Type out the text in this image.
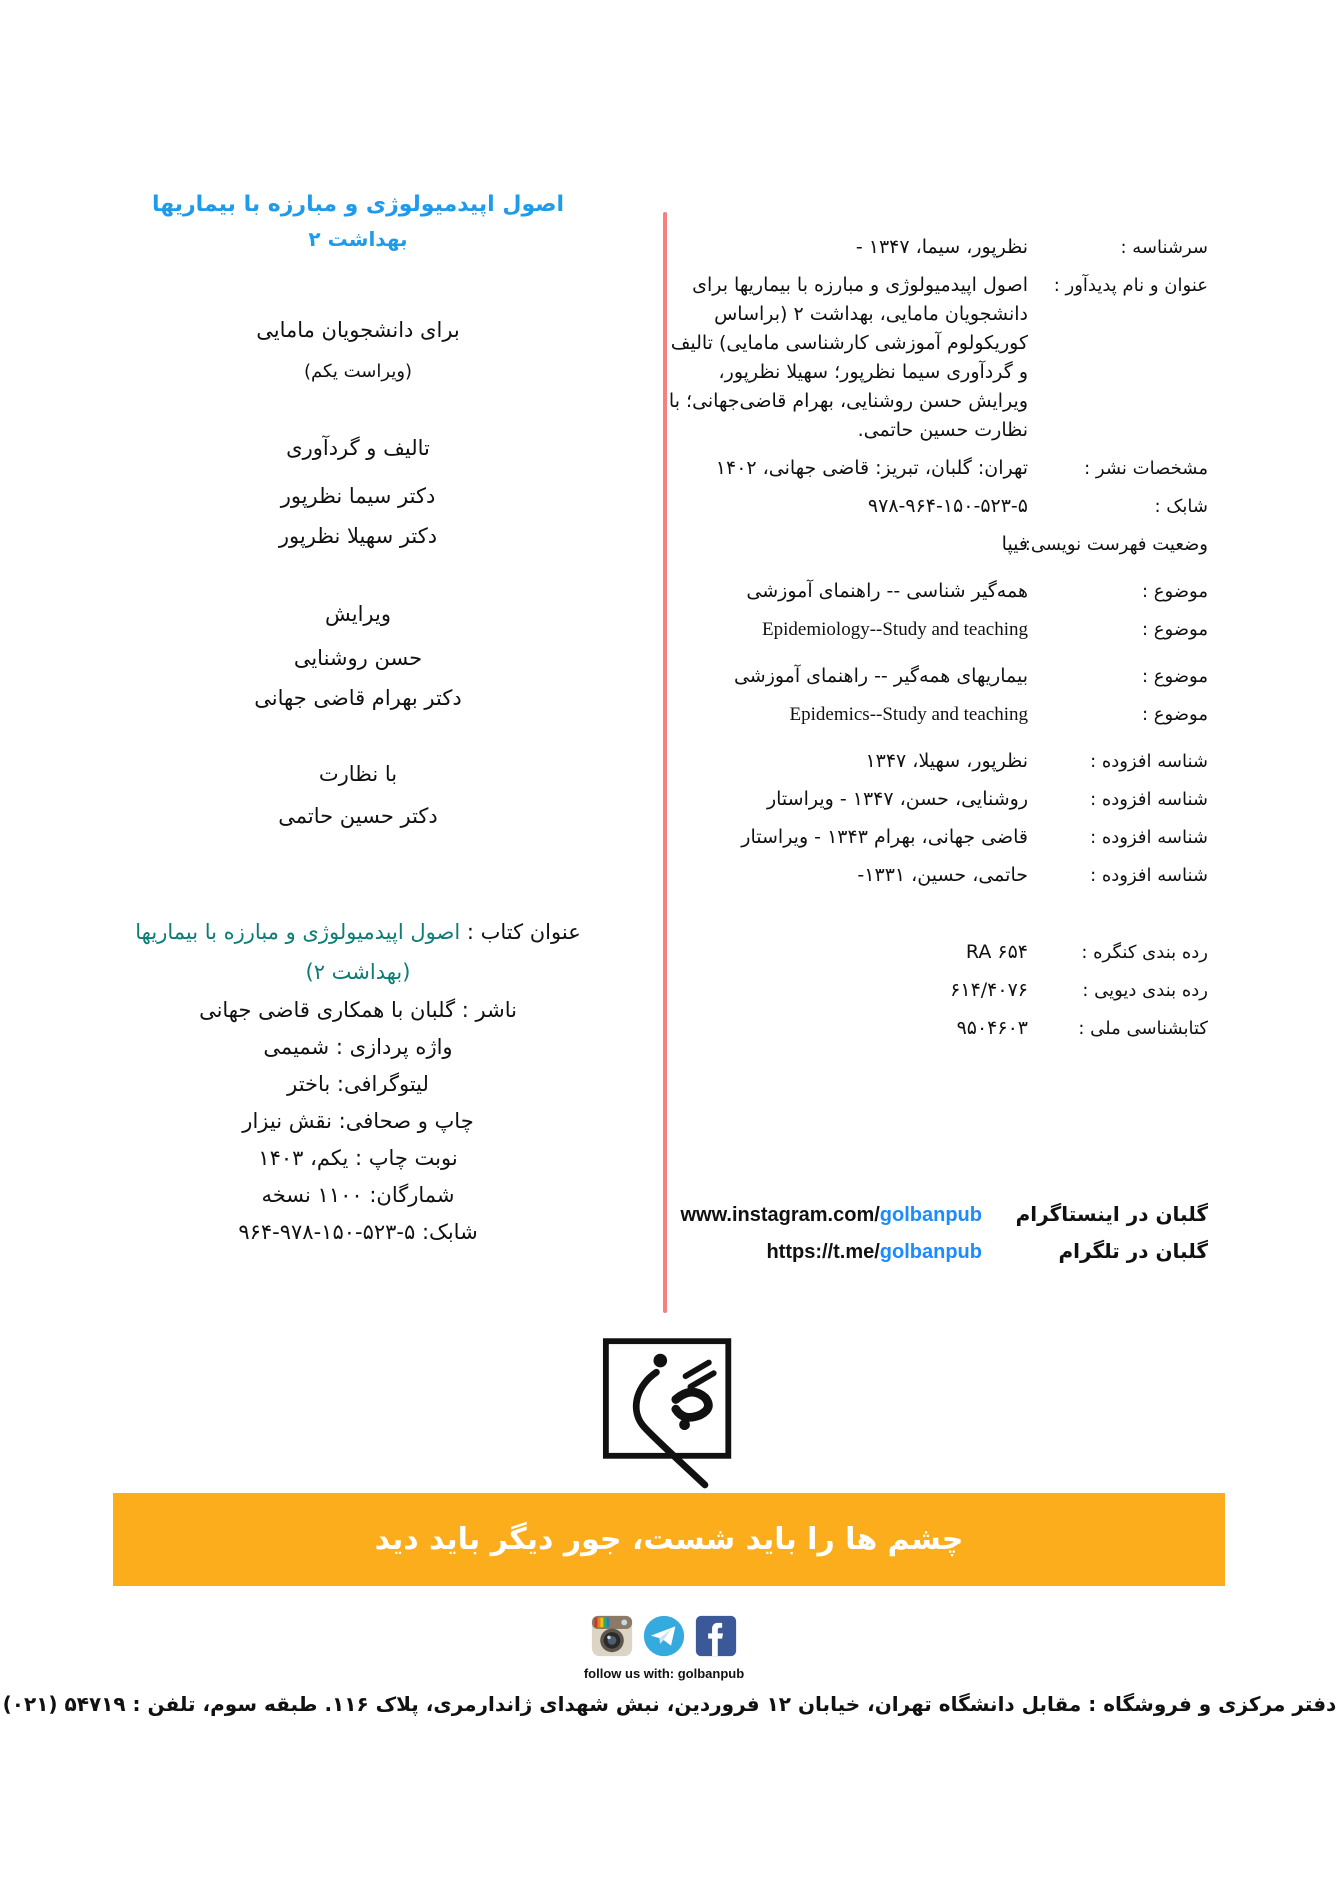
اصول اپیدمیولوژی و مبارزه با بیماریها
بهداشت ۲
برای دانشجویان مامایی
(ویراست یکم)
تالیف و گردآوری
دکتر سیما نظرپور
دکتر سهیلا نظرپور
ویرایش
حسن روشنایی
دکتر بهرام قاضی جهانی
با نظارت
دکتر حسین حاتمی
عنوان کتاب : اصول اپیدمیولوژی و مبارزه با بیماریها
(بهداشت ۲)
ناشر : گلبان با همکاری قاضی جهانی
واژه پردازی : شمیمی
لیتوگرافی: باختر
چاپ و صحافی: نقش نیزار
نوبت چاپ : یکم، ۱۴۰۳
شمارگان: ۱۱۰۰ نسخه
شابک: ۹۶۴-۹۷۸-۱۵۰-۵۲۳-۵
سرشناسه :
نظرپور، سیما، ۱۳۴۷ -
عنوان و نام پدیدآور :
اصول اپیدمیولوژی و مبارزه با بیماریها برای دانشجویان مامایی، بهداشت ۲ (براساس کوریکولوم آموزشی کارشناسی مامایی) تالیف و گردآوری سیما نظرپور؛ سهیلا نظرپور، ویرایش حسن روشنایی، بهرام قاضی‌جهانی؛ با نظارت حسین حاتمی.
مشخصات نشر :
تهران: گلبان، تبریز: قاضی جهانی، ۱۴۰۲
شابک :
۹۷۸-۹۶۴-۱۵۰-۵۲۳-۵
وضعیت فهرست نویسی:
فیپا
موضوع :
همه‌گیر شناسی -- راهنمای آموزشی
موضوع :
Epidemiology--Study and teaching
موضوع :
بیماریهای همه‌گیر -- راهنمای آموزشی
موضوع :
Epidemics--Study and teaching
شناسه افزوده :
نظرپور، سهیلا، ۱۳۴۷
شناسه افزوده :
روشنایی، حسن، ۱۳۴۷ - ویراستار
شناسه افزوده :
قاضی جهانی، بهرام ۱۳۴۳ - ویراستار
شناسه افزوده :
حاتمی، حسین، ۱۳۳۱-
رده بندی کنگره :
RA ۶۵۴
رده بندی دیویی :
۶۱۴/۴۰۷۶
کتابشناسی ملی :
۹۵۰۴۶۰۳
گلبان در اینستاگرام
www.instagram.com/golbanpub
گلبان در تلگرام
https://t.me/golbanpub
چشم ها را باید شست، جور دیگر باید دید
follow us with: golbanpub
دفتر مرکزی و فروشگاه : مقابل دانشگاه تهران، خیابان ۱۲ فروردین، نبش شهدای ژاندارمری، پلاک ۱۱۶. طبقه سوم، تلفن : ۵۴۷۱۹ (۰۲۱)
